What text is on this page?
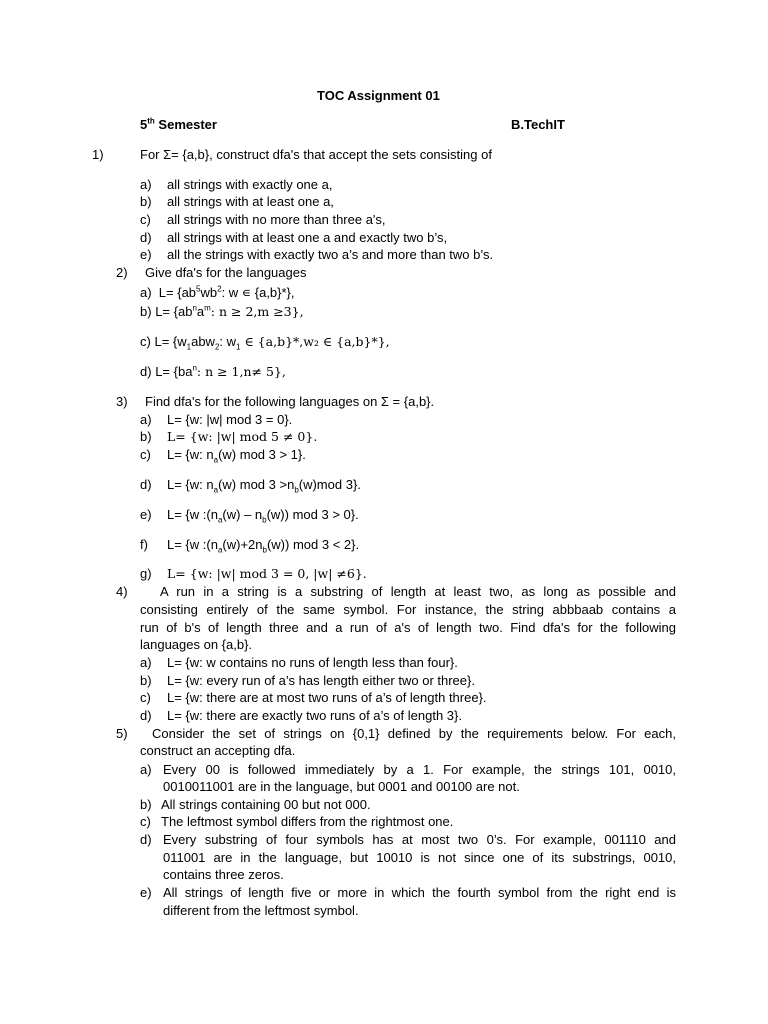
TOC Assignment 01
5th Semester	B.TechIT
1)	For Σ= {a,b}, construct dfa's that accept the sets consisting of
a) all strings with exactly one a,
b) all strings with at least one a,
c) all strings with no more than three a's,
d) all strings with at least one a and exactly two b’s,
e) all the strings with exactly two a’s and more than two b’s.
2) Give dfa's for the languages
a) $L= \{ab^5wb^2$: w ∊ {a,b}*},
b) $L= \{ab^na^m$: n ≥ 2,m ≥3},
c) $L= \{w_1abw_2$: $w_1$ ∈ {a,b}*,w₂ ∈ {a,b}*},
d) $L= \{ba^n$: n ≥ 1,n≠ 5},
3) Find dfa's for the following languages on Σ = {a,b}.
a) L= {w: |w| mod 3 = 0}.
b) L= {w: |w| mod 5 ≠ 0}.
c) L= {w: $n_a(w)$ mod 3 > 1}.
d) L= {w: $n_a(w)$ mod $3 >n_b(w)mod$ 3}.
e) L= {w $:(n_a(w) - n_b(w))$ mod 3 > 0}.
f) L= {w $:(n_a(w)+2n_b(w))$ mod 3 < 2}.
g) L= {w: |w| mod 3 = 0, |w| ≠6}.
4) A run in a string is a substring of length at least two, as long as possible and
consisting entirely of the same symbol. For instance, the string abbbaab contains a
run of b's of length three and a run of a's of length two. Find dfa's for the following
languages on {a,b}.
a) L= {w: w contains no runs of length less than four}.
b) L= {w: every run of a’s has length either two or three}.
c) L= {w: there are at most two runs of a’s of length three}.
d) L= {w: there are exactly two runs of a’s of length 3}.
5) Consider the set of strings on {0,1} defined by the requirements below. For each,
construct an accepting dfa.
a) Every 00 is followed immediately by a 1. For example, the strings 101, 0010,
0010011001 are in the language, but 0001 and 00100 are not.
b) All strings containing 00 but not 000.
c) The leftmost symbol differs from the rightmost one.
d) Every substring of four symbols has at most two 0’s. For example, 001110 and
011001 are in the language, but 10010 is not since one of its substrings, 0010,
contains three zeros.
e) All strings of length five or more in which the fourth symbol from the right end is
different from the leftmost symbol.
